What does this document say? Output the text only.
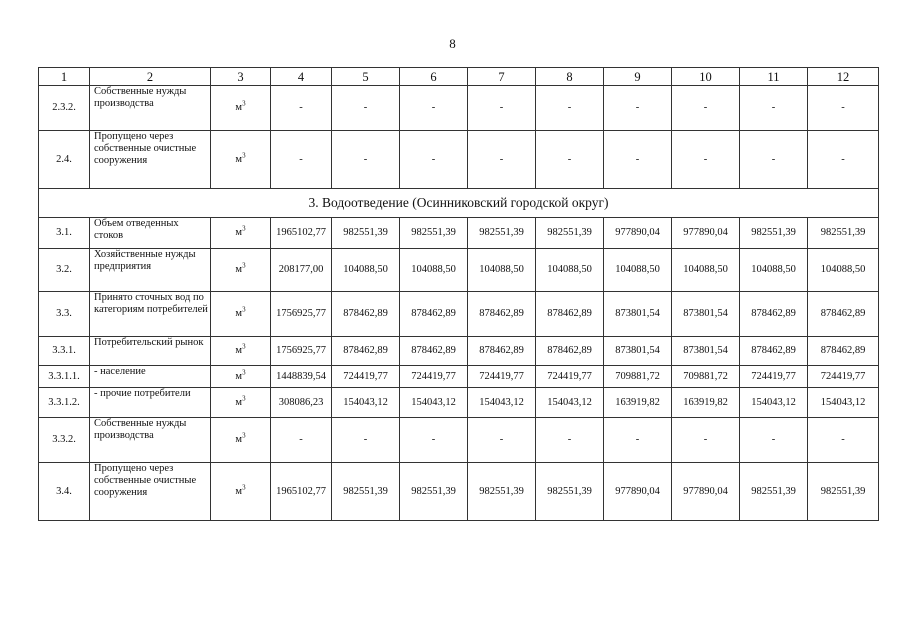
8
1	2	3	4	5	6	7	8	9	10	11	12
2.3.2.	Собственные нужды производства	$м^3$	-	-	-	-	-	-	-	-	-
2.4.	Пропущено через собственные очистные сооружения	$м^3$	-	-	-	-	-	-	-	-	-
3. Водоотведение (Осинниковский городской округ)											
3.1.	Объем отведенных стоков	$м^3$	1965102,77	982551,39	982551,39	982551,39	982551,39	977890,04	977890,04	982551,39	982551,39
3.2.	Хозяйственные нужды предприятия	$м^3$	208177,00	104088,50	104088,50	104088,50	104088,50	104088,50	104088,50	104088,50	104088,50
3.3.	Принято сточных вод по категориям потребителей	$м^3$	1756925,77	878462,89	878462,89	878462,89	878462,89	873801,54	873801,54	878462,89	878462,89
3.3.1.	Потребительский рынок	$м^3$	1756925,77	878462,89	878462,89	878462,89	878462,89	873801,54	873801,54	878462,89	878462,89
3.3.1.1.	- население	$м^3$	1448839,54	724419,77	724419,77	724419,77	724419,77	709881,72	709881,72	724419,77	724419,77
3.3.1.2.	- прочие потребители	$м^3$	308086,23	154043,12	154043,12	154043,12	154043,12	163919,82	163919,82	154043,12	154043,12
3.3.2.	Собственные нужды производства	$м^3$	-	-	-	-	-	-	-	-	-
3.4.	Пропущено через собственные очистные сооружения	$м^3$	1965102,77	982551,39	982551,39	982551,39	982551,39	977890,04	977890,04	982551,39	982551,39
